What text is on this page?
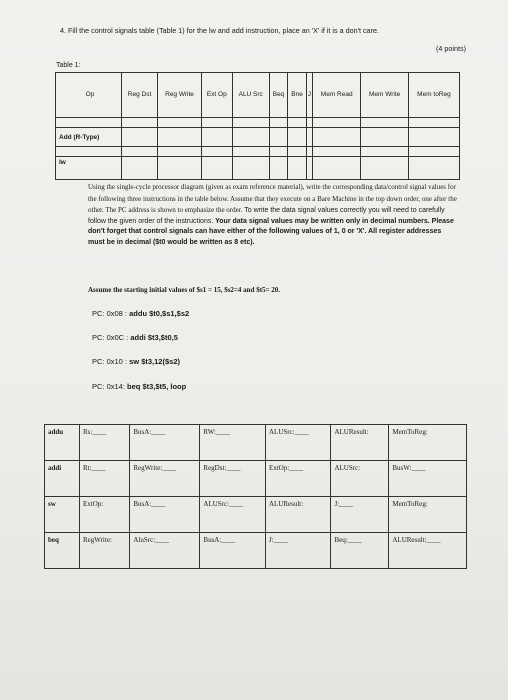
4. Fill the control signals table (Table 1) for the lw and add instruction, place an 'X' if it is a don't care.
(4 points)
Table 1:
Op	Reg Dst	Reg Write	Ext Op	ALU Src	Beq	Bne	J	Mem Read	Mem Write	Mem toReg

Add (R-Type)										

lw										
Using the single-cycle processor diagram (given as exam reference material), write the corresponding data/control signal values for the following three instructions in the table below. Assume that they execute on a Bare Machine in the top down order, one after the other. The PC address is shown to emphasize the order. To write the data signal values correctly you will need to carefully follow the given order of the instructions. Your data signal values may be written only in decimal numbers. Please don't forget that control signals can have either of the following values of 1, 0 or 'X'. All register addresses must be in decimal ($t0 would be written as 8 etc).
Assume the starting initial values of $s1 = 15, $s2=4 and $t5= 20.
PC: 0x08 : addu $t0,$s1,$s2
PC: 0x0C : addi $t3,$t0,5
PC: 0x10 : sw $t3,12($s2)
PC: 0x14: beq $t3,$t5, loop
addu	Rs:____	BusA:____	RW:____	ALUSrc:____	ALUResult:	MemToReg:
addi	Rt:____	RegWrite:____	RegDst:____	ExtOp:____	ALUSrc:	BusW:____
sw	ExtOp:	BusA:____	ALUSrc:____	ALUResult:	J:____	MemToReg:
beq	RegWrite:	AluSrc:____	BusA:____	J:____	Beq:____	ALUResult:____
